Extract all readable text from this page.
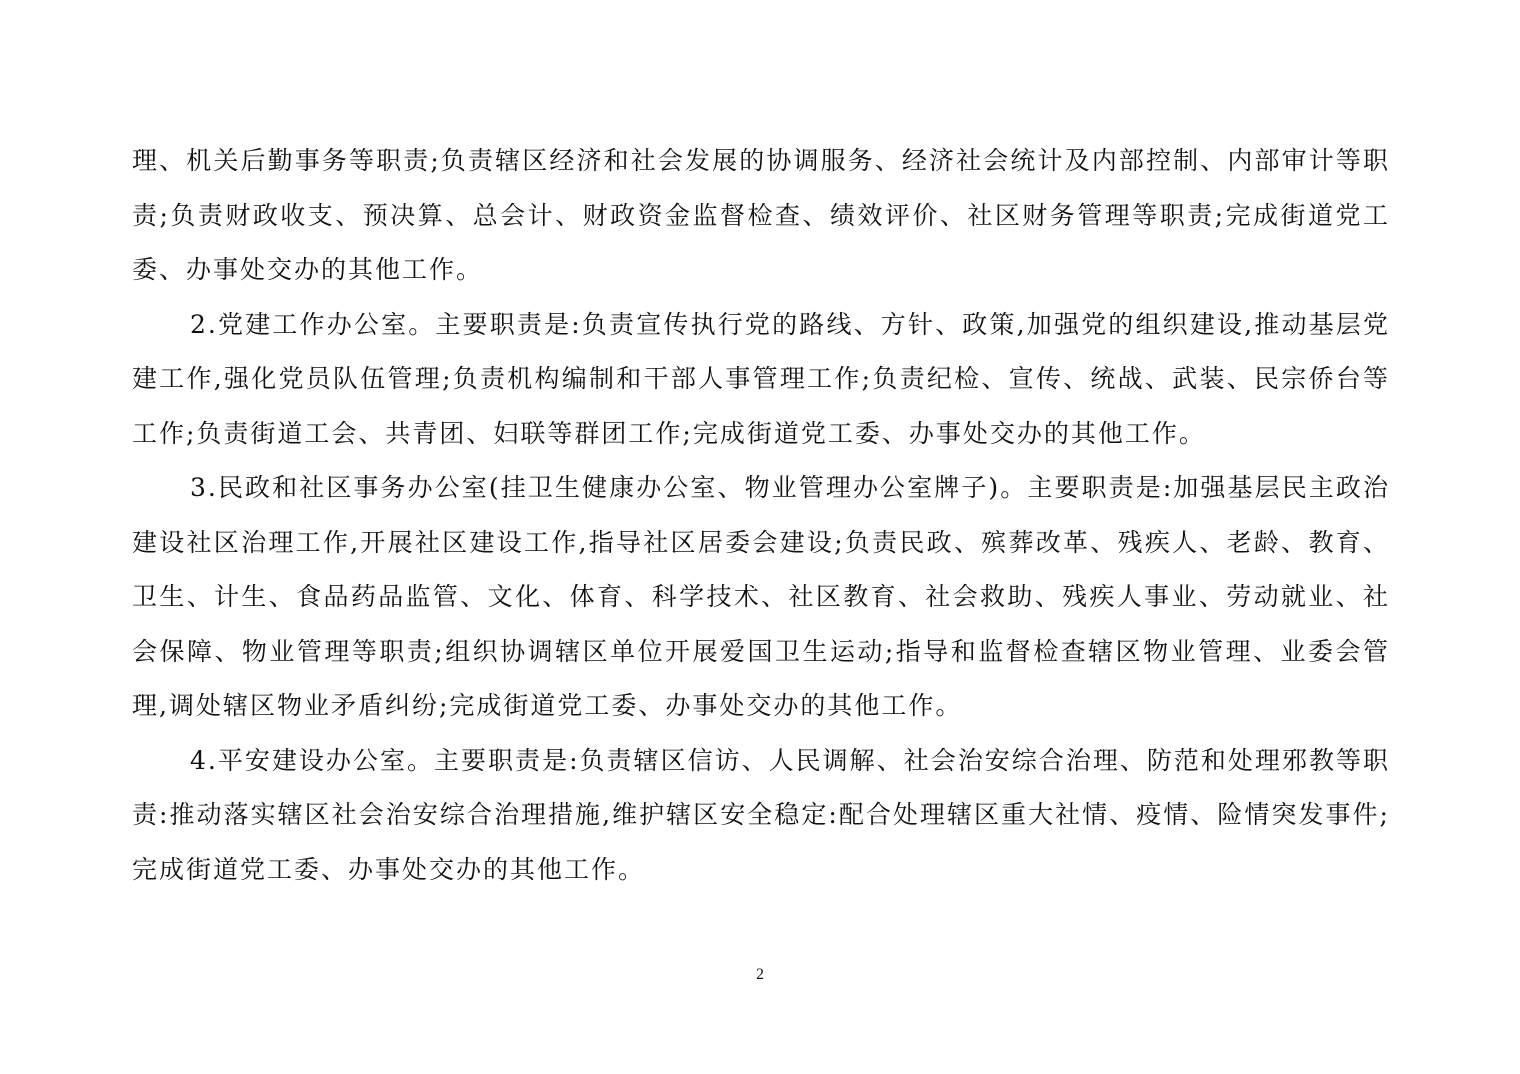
理、机关后勤事务等职责;负责辖区经济和社会发展的协调服务、经济社会统计及内部控制、内部审计等职责;负责财政收支、预决算、总会计、财政资金监督检查、绩效评价、社区财务管理等职责;完成街道党工委、办事处交办的其他工作。

2.党建工作办公室。主要职责是:负责宣传执行党的路线、方针、政策,加强党的组织建设,推动基层党建工作,强化党员队伍管理;负责机构编制和干部人事管理工作;负责纪检、宣传、统战、武装、民宗侨台等工作;负责街道工会、共青团、妇联等群团工作;完成街道党工委、办事处交办的其他工作。

3.民政和社区事务办公室(挂卫生健康办公室、物业管理办公室牌子)。主要职责是:加强基层民主政治建设社区治理工作,开展社区建设工作,指导社区居委会建设;负责民政、殡葬改革、残疾人、老龄、教育、卫生、计生、食品药品监管、文化、体育、科学技术、社区教育、社会救助、残疾人事业、劳动就业、社会保障、物业管理等职责;组织协调辖区单位开展爱国卫生运动;指导和监督检查辖区物业管理、业委会管理,调处辖区物业矛盾纠纷;完成街道党工委、办事处交办的其他工作。

4.平安建设办公室。主要职责是:负责辖区信访、人民调解、社会治安综合治理、防范和处理邪教等职责:推动落实辖区社会治安综合治理措施,维护辖区安全稳定:配合处理辖区重大社情、疫情、险情突发事件;完成街道党工委、办事处交办的其他工作。

2
